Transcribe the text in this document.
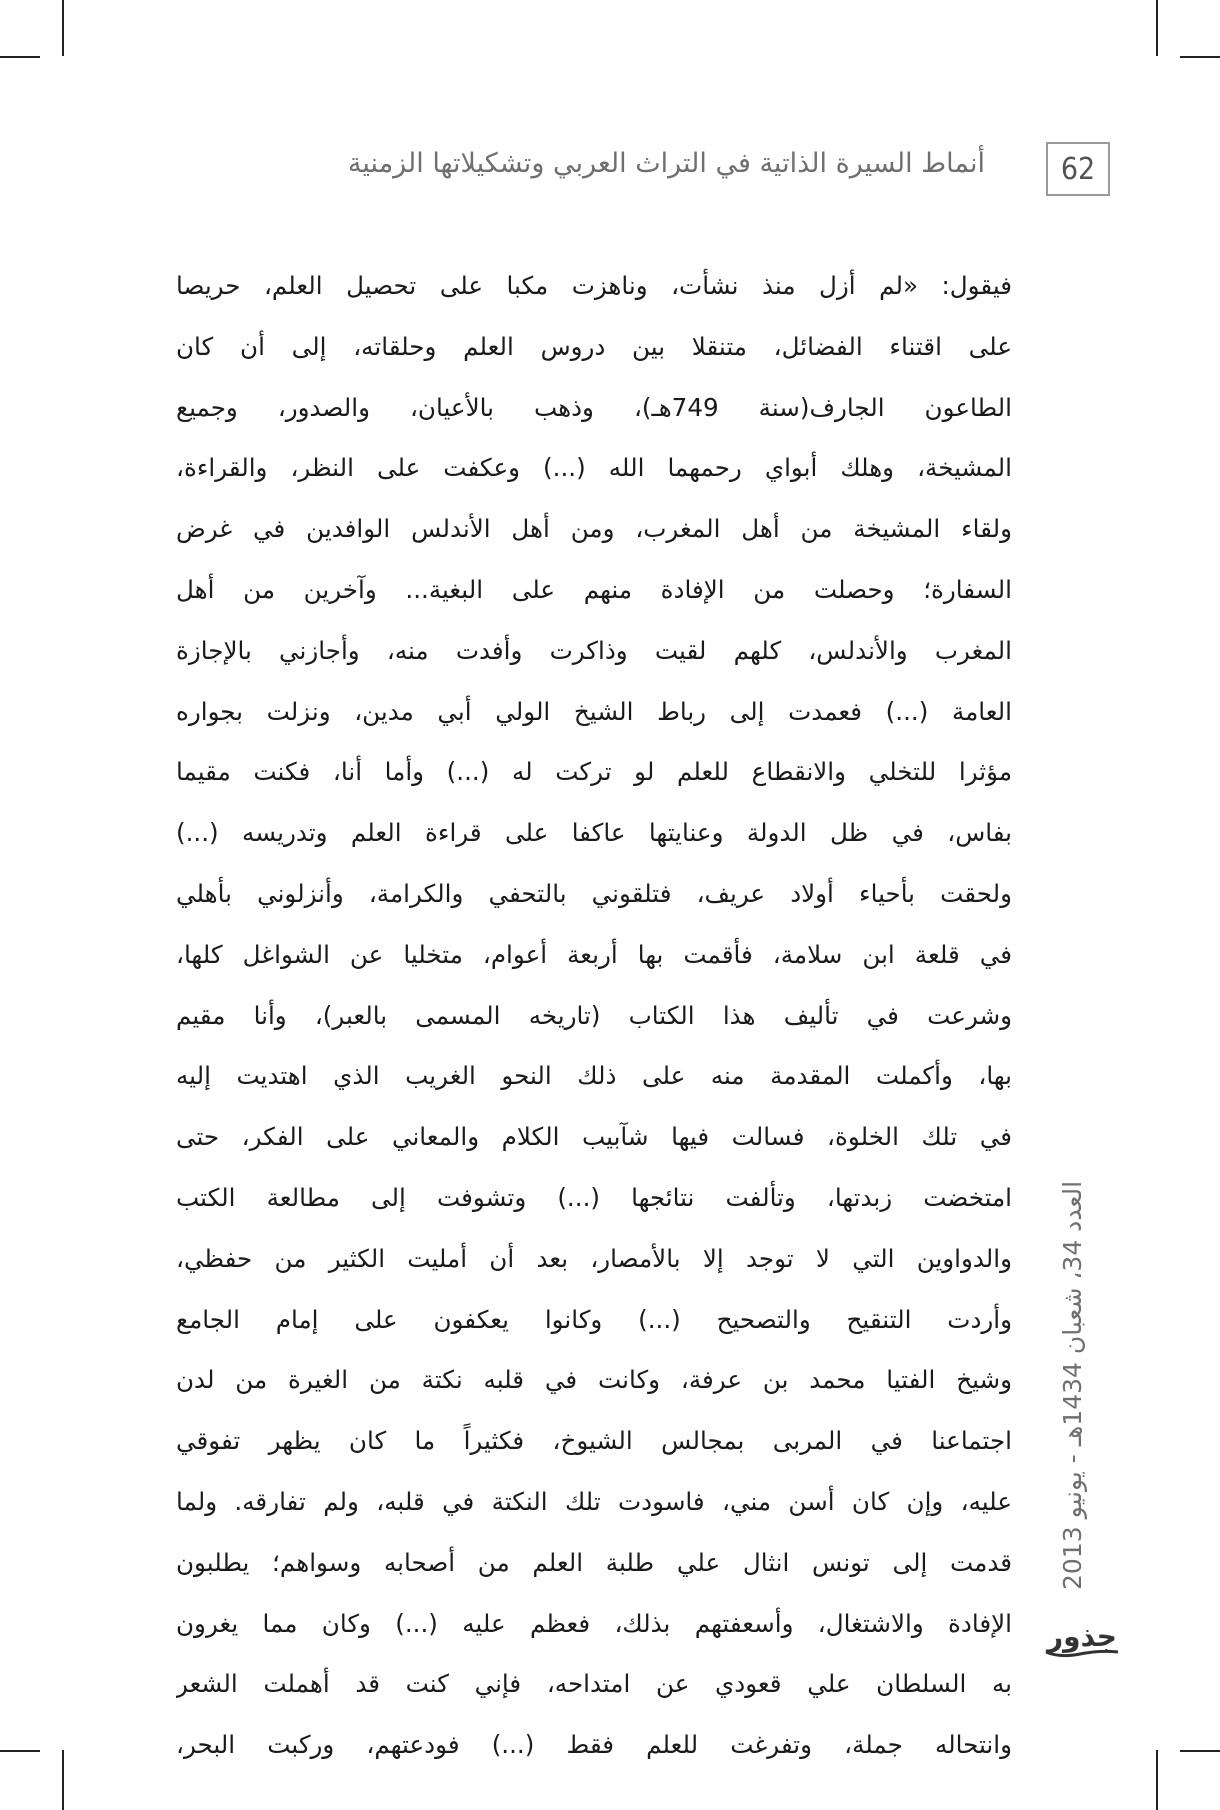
62
أنماط السيرة الذاتية في التراث العربي وتشكيلاتها الزمنية
فيقول: «لم أزل منذ نشأت، وناهزت مكبا على تحصيل العلم، حريصا
على اقتناء الفضائل، متنقلا بين دروس العلم وحلقاته، إلى أن كان
الطاعون الجارف(سنة 749هـ)، وذهب بالأعيان، والصدور، وجميع
المشيخة، وهلك أبواي رحمهما الله (...) وعكفت على النظر، والقراءة،
ولقاء المشيخة من أهل المغرب، ومن أهل الأندلس الوافدين في غرض
السفارة؛ وحصلت من الإفادة منهم على البغية... وآخرين من أهل
المغرب والأندلس، كلهم لقيت وذاكرت وأفدت منه، وأجازني بالإجازة
العامة (...) فعمدت إلى رباط الشيخ الولي أبي مدين، ونزلت بجواره
مؤثرا للتخلي والانقطاع للعلم لو تركت له (...) وأما أنا، فكنت مقيما
بفاس، في ظل الدولة وعنايتها عاكفا على قراءة العلم وتدريسه (...)
ولحقت بأحياء أولاد عريف، فتلقوني بالتحفي والكرامة، وأنزلوني بأهلي
في قلعة ابن سلامة، فأقمت بها أربعة أعوام، متخليا عن الشواغل كلها،
وشرعت في تأليف هذا الكتاب (تاريخه المسمى بالعبر)، وأنا مقيم
بها، وأكملت المقدمة منه على ذلك النحو الغريب الذي اهتديت إليه
في تلك الخلوة، فسالت فيها شآبيب الكلام والمعاني على الفكر، حتى
امتخضت زبدتها، وتألفت نتائجها (...) وتشوفت إلى مطالعة الكتب
والدواوين التي لا توجد إلا بالأمصار، بعد أن أمليت الكثير من حفظي،
وأردت التنقيح والتصحيح (...) وكانوا يعكفون على إمام الجامع
وشيخ الفتيا محمد بن عرفة، وكانت في قلبه نكتة من الغيرة من لدن
اجتماعنا في المربى بمجالس الشيوخ، فكثيراً ما كان يظهر تفوقي
عليه، وإن كان أسن مني، فاسودت تلك النكتة في قلبه، ولم تفارقه. ولما
قدمت إلى تونس انثال علي طلبة العلم من أصحابه وسواهم؛ يطلبون
الإفادة والاشتغال، وأسعفتهم بذلك، فعظم عليه (...) وكان مما يغرون
به السلطان علي قعودي عن امتداحه، فإني كنت قد أهملت الشعر
وانتحاله جملة، وتفرغت للعلم فقط (...) فودعتهم، وركبت البحر،
العدد 34، شعبان 1434هـ - يونيو 2013
جذور
